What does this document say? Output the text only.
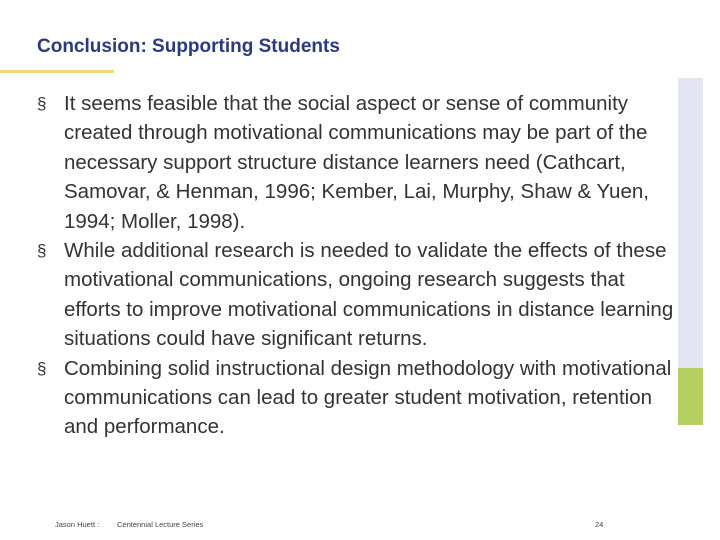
Conclusion: Supporting Students
§ It seems feasible that the social aspect or sense of community created through motivational communications may be part of the necessary support structure distance learners need (Cathcart, Samovar, & Henman, 1996; Kember, Lai, Murphy, Shaw & Yuen, 1994; Moller, 1998).
§ While additional research is needed to validate the effects of these motivational communications, ongoing research suggests that efforts to improve motivational communications in distance learning situations could have significant returns.
§ Combining solid instructional design methodology with motivational communications can lead to greater student motivation, retention and performance.
Jason Huett : Centennial Lecture Series	24
